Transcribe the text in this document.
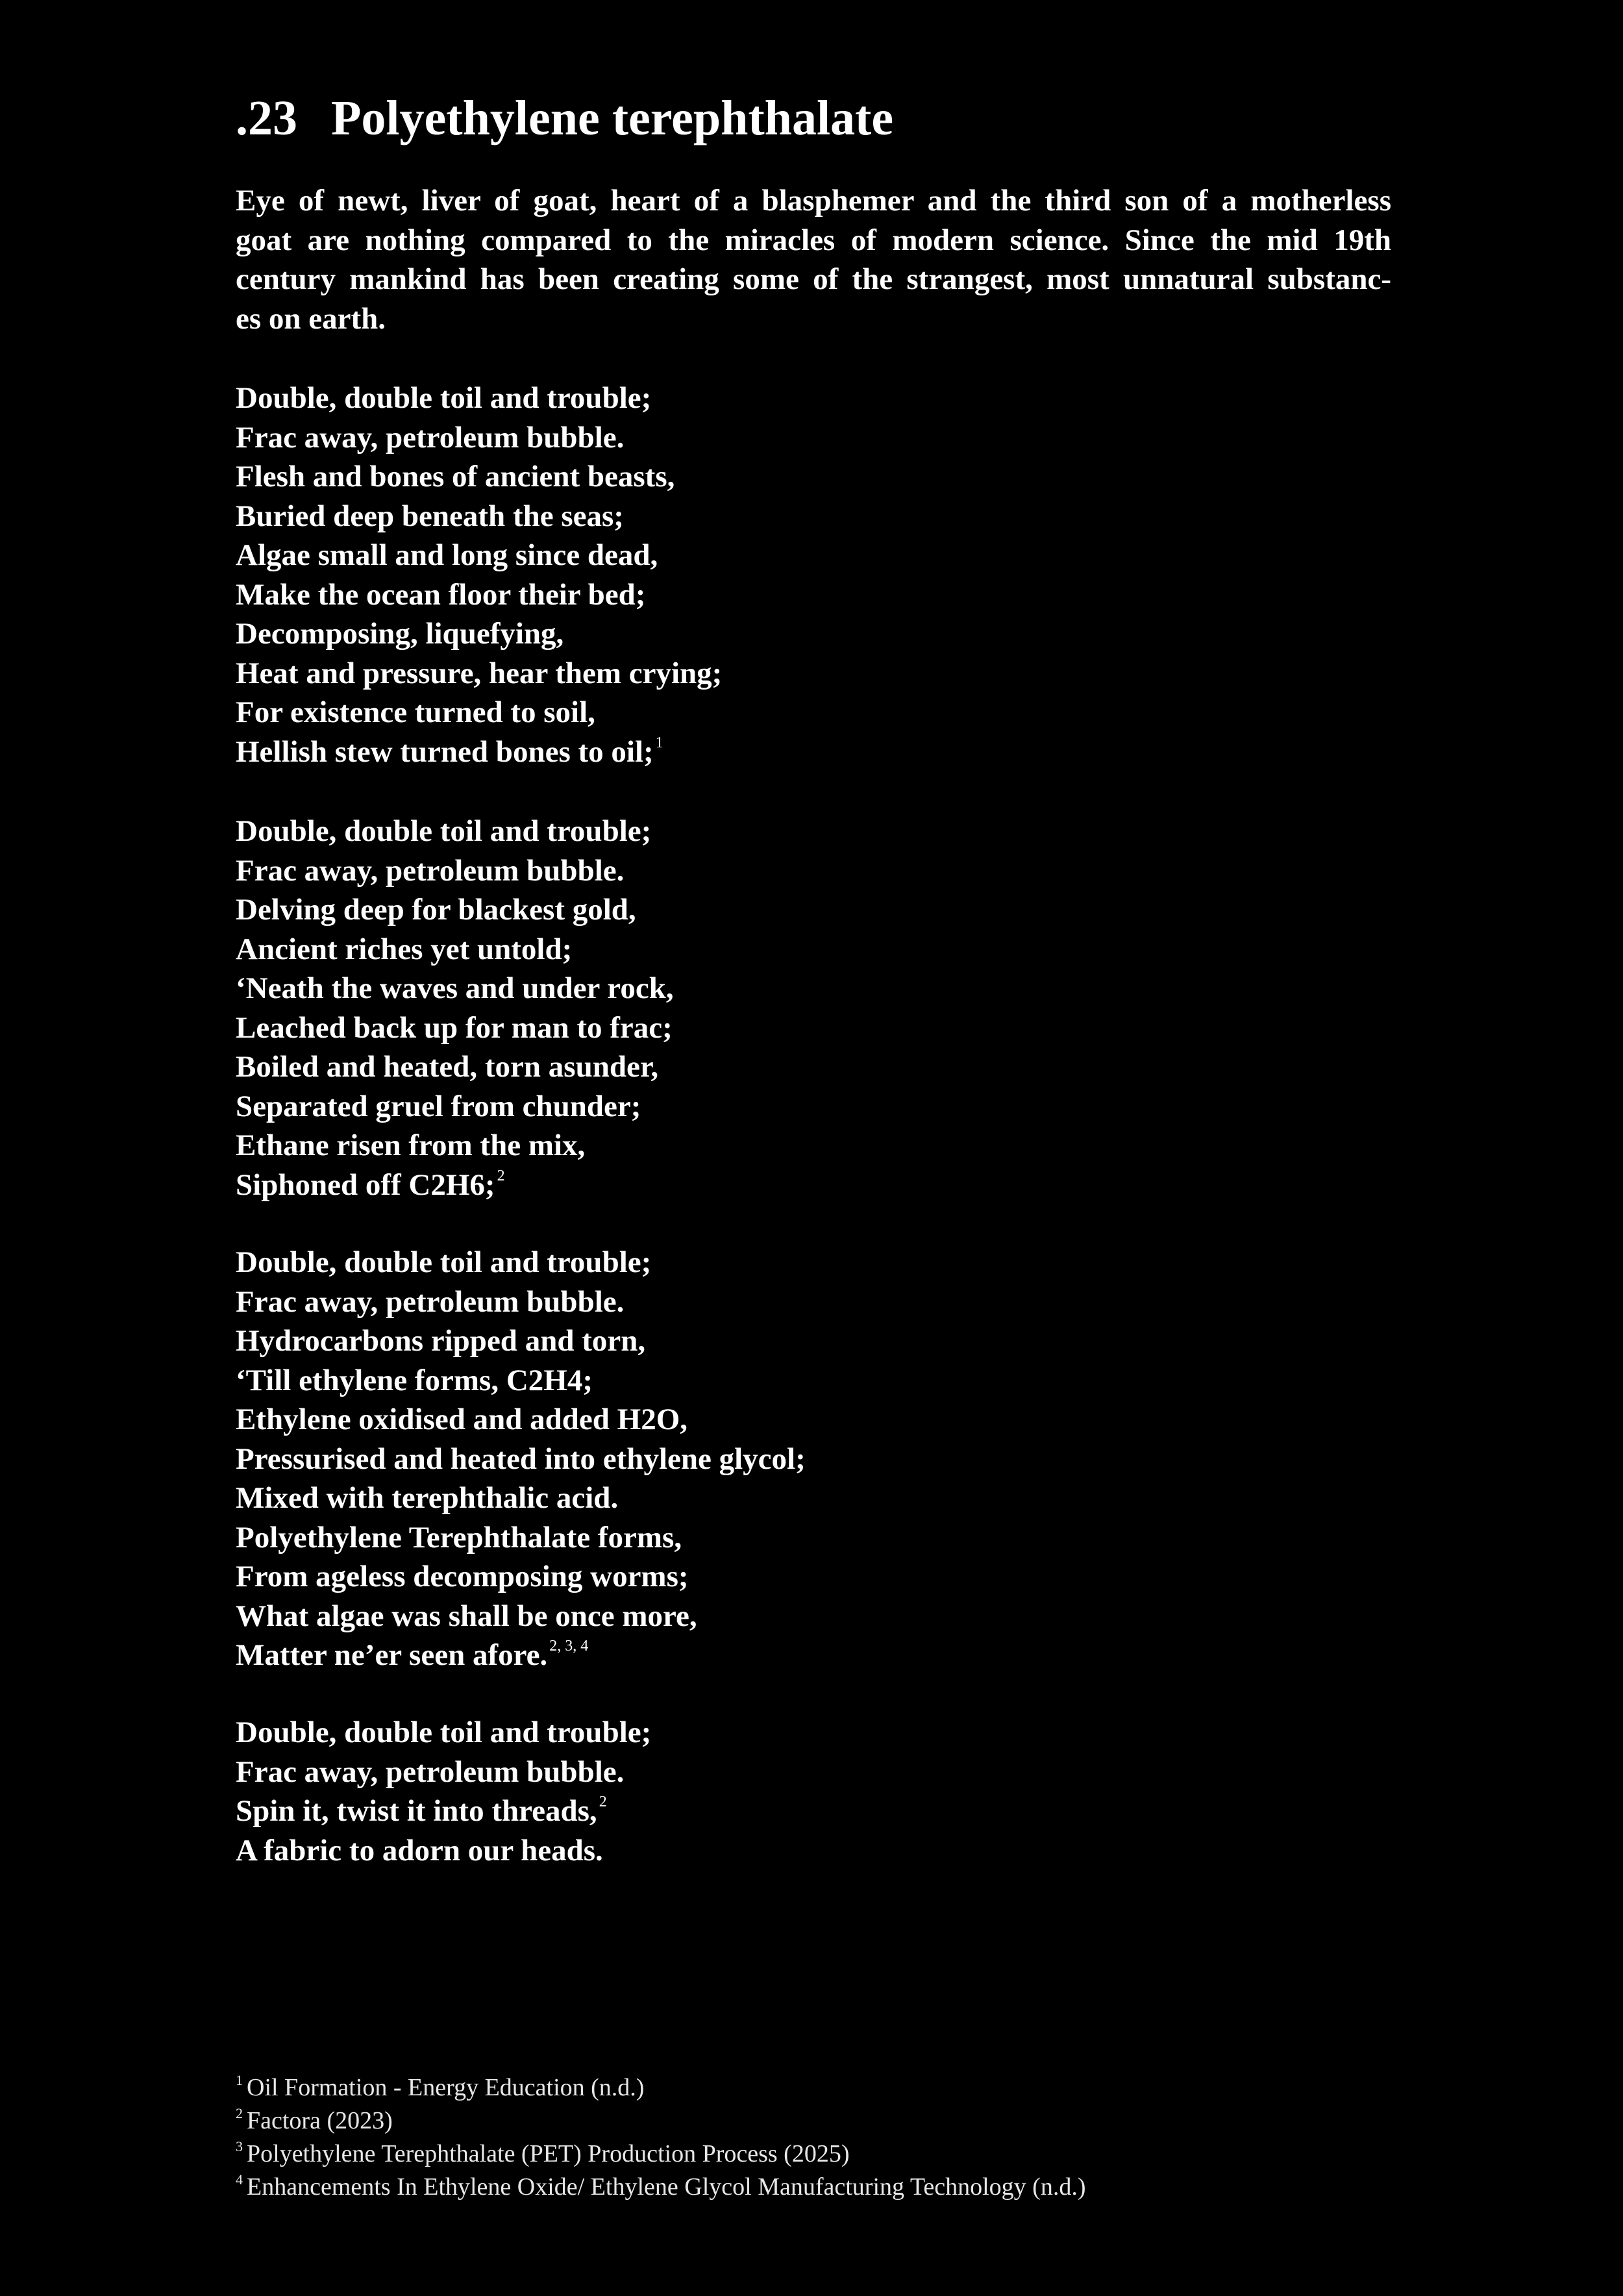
.23 Polyethylene terephthalate

Eye of newt, liver of goat, heart of a blasphemer and the third son of a motherless
goat are nothing compared to the miracles of modern science. Since the mid 19th
century mankind has been creating some of the strangest, most unnatural substanc-
es on earth.

Double, double toil and trouble;
Frac away, petroleum bubble.
Flesh and bones of ancient beasts,
Buried deep beneath the seas;
Algae small and long since dead,
Make the ocean floor their bed;
Decomposing, liquefying,
Heat and pressure, hear them crying;
For existence turned to soil,
Hellish stew turned bones to oil; $^1$
Double, double toil and trouble;
Frac away, petroleum bubble.
Delving deep for blackest gold,
Ancient riches yet untold;
‘Neath the waves and under rock,
Leached back up for man to frac;
Boiled and heated, torn asunder,
Separated gruel from chunder;
Ethane risen from the mix,
Siphoned off C2H6; $^2$
Double, double toil and trouble;
Frac away, petroleum bubble.
Hydrocarbons ripped and torn,
‘Till ethylene forms, C2H4;
Ethylene oxidised and added H2O,
Pressurised and heated into ethylene glycol;
Mixed with terephthalic acid.
Polyethylene Terephthalate forms,
From ageless decomposing worms;
What algae was shall be once more,
Matter ne’er seen afore. $^{2, 3, 4}$
Double, double toil and trouble;
Frac away, petroleum bubble.
Spin it, twist it into threads, $^2$
A fabric to adorn our heads.
$^1$ Oil Formation - Energy Education (n.d.)
$^2$ Factora (2023)
$^3$ Polyethylene Terephthalate (PET) Production Process (2025)
$^4$ Enhancements In Ethylene Oxide/ Ethylene Glycol Manufacturing Technology (n.d.)
